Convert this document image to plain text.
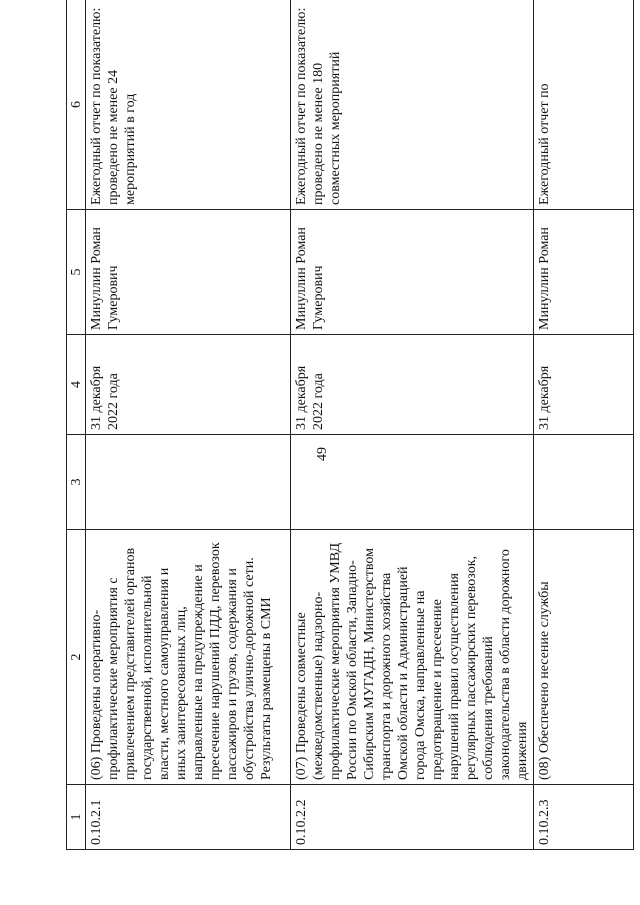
49
1	2	3	4	5	6
0.10.2.1	(06) Проведены оперативно-профилактические мероприятия с привлечением представителей органов государственной, исполнительной власти, местного самоуправления и иных заинтересованных лиц, направленные на предупреждение и пресечение нарушений ПДД, перевозок пассажиров и грузов, содержания и обустройства улично-дорожной сети. Результаты размещены в СМИ		31 декабря 2022 года	Минуллин Роман Гумерович	Ежегодный отчет по показателю: проведено не менее 24 мероприятий в год
0.10.2.2	(07) Проведены совместные (межведомственные) надзорно-профилактические мероприятия УМВД России по Омской области, Западно-Сибирским МУГАДН, Министерством транспорта и дорожного хозяйства Омской области и Администрацией города Омска, направленные на предотвращение и пресечение нарушений правил осуществления регулярных пассажирских перевозок, соблюдения требований законодательства в области дорожного движения		31 декабря 2022 года	Минуллин Роман Гумерович	Ежегодный отчет по показателю: проведено не менее 180 совместных мероприятий
0.10.2.3	(08) Обеспечено несение службы		31 декабря	Минуллин Роман	Ежегодный отчет по
